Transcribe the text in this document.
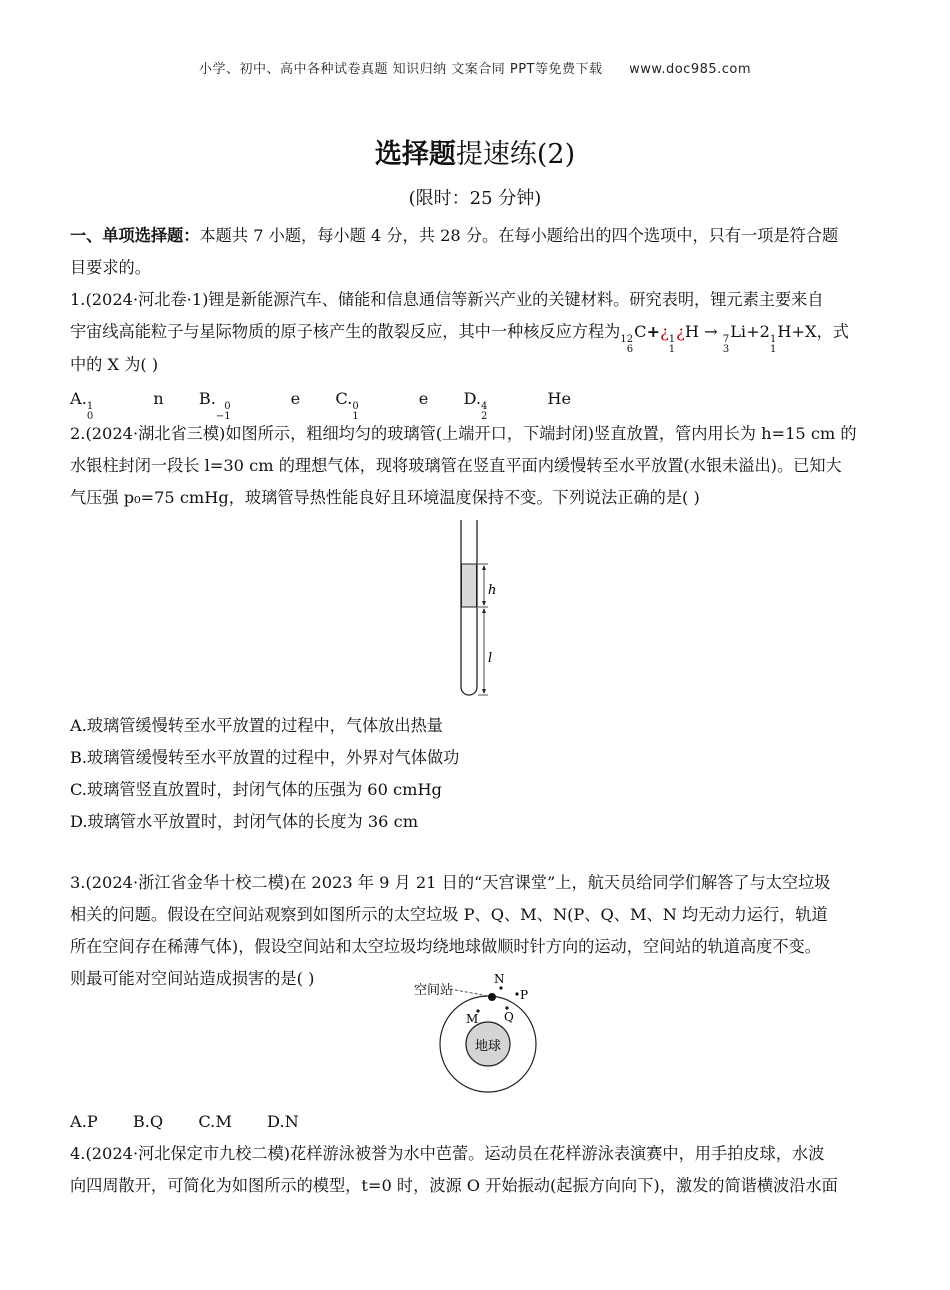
小学、初中、高中各种试卷真题 知识归纳 文案合同 PPT等免费下载 www.doc985.com
选择题提速练(2)
(限时：25 分钟)
一、单项选择题：本题共 7 小题，每小题 4 分，共 28 分。在每小题给出的四个选项中，只有一项是符合题
目要求的。
1.(2024·河北卷·1)锂是新能源汽车、储能和信息通信等新兴产业的关键材料。研究表明，锂元素主要来自
宇宙线高能粒子与星际物质的原子核产生的散裂反应，其中一种核反应方程为 12
6
C+¿ 1
1
¿H → 7
3
Li+2 1
1
H+X，式
中的 X 为( )
A. 1
0
n B. 0
−1
e C. 0
1
e D. 4
2
He
2.(2024·湖北省三模)如图所示，粗细均匀的玻璃管(上端开口，下端封闭)竖直放置，管内用长为 h=15 cm 的
水银柱封闭一段长 l=30 cm 的理想气体，现将玻璃管在竖直平面内缓慢转至水平放置(水银未溢出)。已知大
气压强 p₀=75 cmHg，玻璃管导热性能良好且环境温度保持不变。下列说法正确的是( )
h
l
A.玻璃管缓慢转至水平放置的过程中，气体放出热量
B.玻璃管缓慢转至水平放置的过程中，外界对气体做功
C.玻璃管竖直放置时，封闭气体的压强为 60 cmHg
D.玻璃管水平放置时，封闭气体的长度为 36 cm
3.(2024·浙江省金华十校二模)在 2023 年 9 月 21 日的“天宫课堂”上，航天员给同学们解答了与太空垃圾
相关的问题。假设在空间站观察到如图所示的太空垃圾 P、Q、M、N(P、Q、M、N 均无动力运行，轨道
所在空间存在稀薄气体)，假设空间站和太空垃圾均绕地球做顺时针方向的运动，空间站的轨道高度不变。
则最可能对空间站造成损害的是( )
地球
空间站
N
P
Q
M
A.P B.Q C.M D.N
4.(2024·河北保定市九校二模)花样游泳被誉为水中芭蕾。运动员在花样游泳表演赛中，用手拍皮球，水波
向四周散开，可简化为如图所示的模型，t=0 时，波源 O 开始振动(起振方向向下)，激发的简谐横波沿水面
